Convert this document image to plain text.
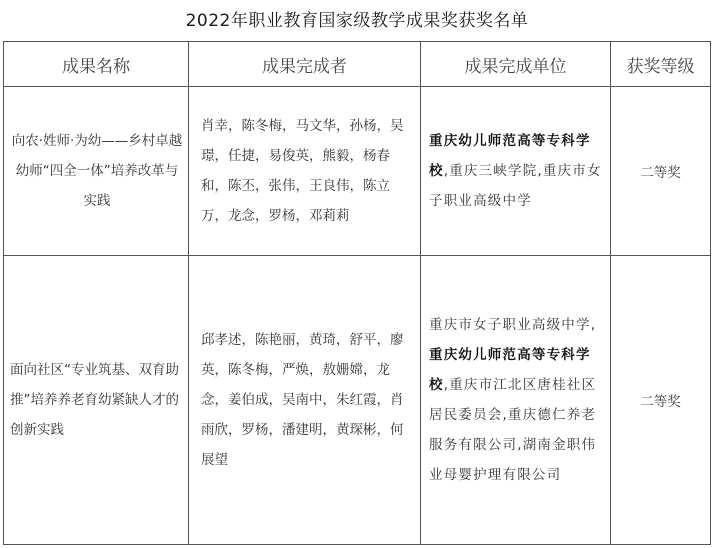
2022年职业教育国家级教学成果奖获奖名单
成果名称	成果完成者	成果完成单位	获奖等级
向农·姓师·为幼——乡村卓越幼师“四全一体”培养改革与实践	肖幸，陈冬梅，马文华，孙杨，吴璟，任捷，易俊英，熊毅，杨春和，陈丕，张伟，王良伟，陈立万，龙念，罗杨，邓莉莉	重庆幼儿师范高等专科学校,重庆三峡学院,重庆市女子职业高级中学	二等奖
面向社区“专业筑基、双育助推”培养养老育幼紧缺人才的创新实践	邱孝述，陈艳丽，黄琦，舒平，廖英，陈冬梅，严焕，敖姗嫦，龙念，姜伯成，吴南中，朱红霞，肖雨欣，罗杨，潘建明，黄琛彬，何展望	重庆市女子职业高级中学,重庆幼儿师范高等专科学校,重庆市江北区唐桂社区居民委员会,重庆德仁养老服务有限公司,湖南金职伟业母婴护理有限公司	二等奖
